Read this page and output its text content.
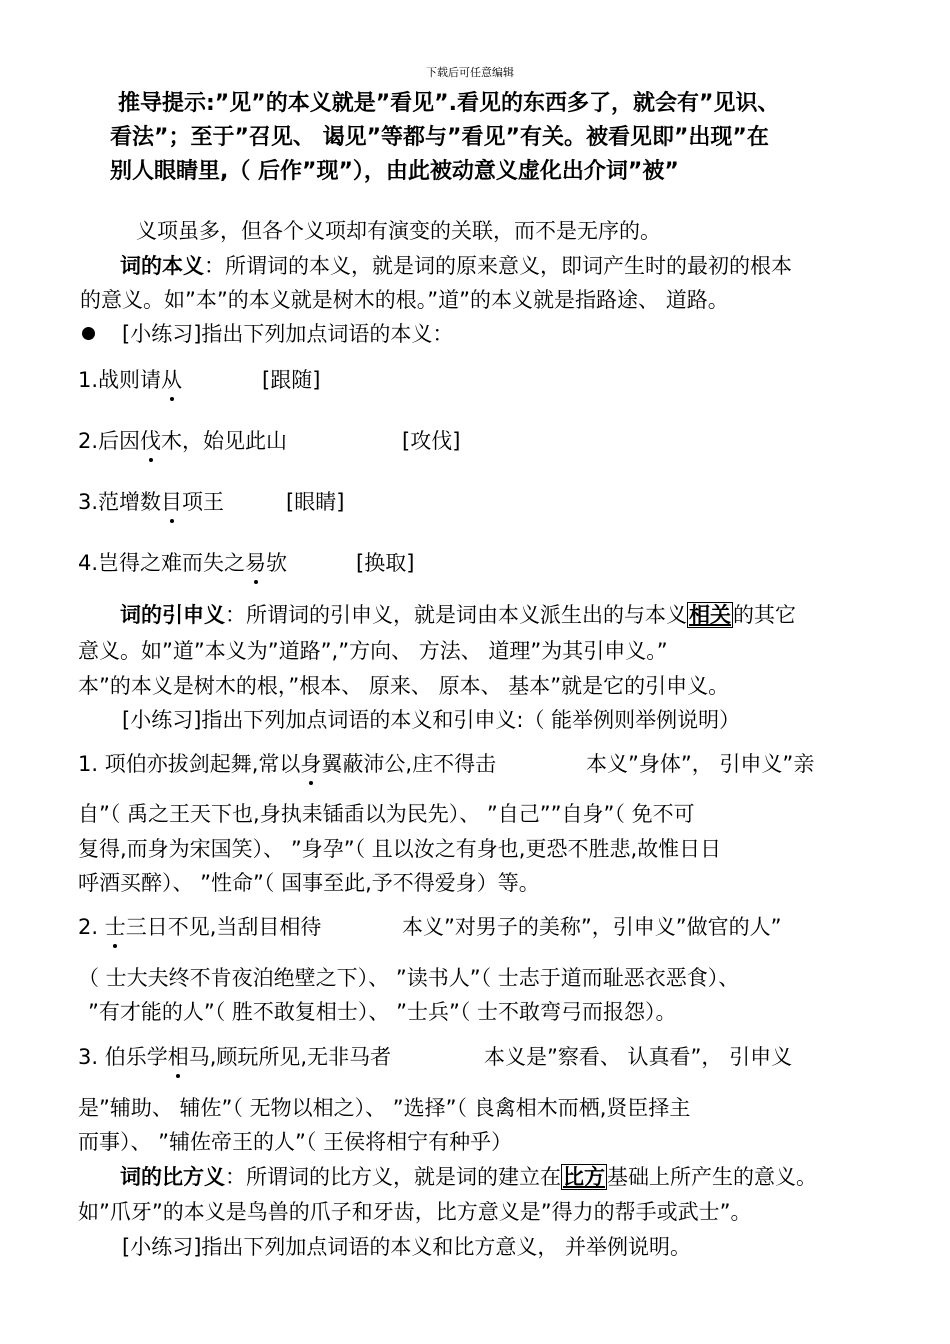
下载后可任意编辑
推导提示:”见”的本义就是”看见”.看见的东西多了，就会有”见识、
看法”；至于”召见、 谒见”等都与”看见”有关。被看见即”出现”在
别人眼睛里,（ 后作”现”），由此被动意义虚化出介词”被”
义项虽多，但各个义项却有演变的关联，而不是无序的。
词的本义：所谓词的本义，就是词的原来意义，即词产生时的最初的根本
的意义。如”本”的本义就是树木的根。”道”的本义就是指路途、 道路。
[小练习]指出下列加点词语的本义：
1.战则请从	[跟随]
2.后因伐木，始见此山	[攻伐]
3.范增数目项王	[眼睛]
4.岂得之难而失之易欤	[换取]
词的引申义：所谓词的引申义，就是词由本义派生出的与本义相关的其它
意义。如”道”本义为”道路”,”方向、 方法、 道理”为其引申义。”
本”的本义是树木的根，”根本、 原来、 原本、 基本”就是它的引申义。
[小练习]指出下列加点词语的本义和引申义:（ 能举例则举例说明）
1. 项伯亦拔剑起舞,常以身翼蔽沛公,庄不得击	本义”身体”， 引申义”亲
自”（ 禹之王天下也,身执耒锸臿以为民先）、 ”自己””自身”（ 免不可
复得,而身为宋国笑）、 ”身孕”（ 且以汝之有身也,更恐不胜悲,故惟日日
呼酒买醉）、 ”性命”（ 国事至此,予不得爱身）等。
2. 士三日不见,当刮目相待	本义”对男子的美称”，引申义”做官的人”
（ 士大夫终不肯夜泊绝壁之下）、 ”读书人”（ 士志于道而耻恶衣恶食）、
”有才能的人”（ 胜不敢复相士）、 ”士兵”（ 士不敢弯弓而报怨）。
3. 伯乐学相马,顾玩所见,无非马者	本义是”察看、 认真看”， 引申义
是”辅助、 辅佐”（ 无物以相之）、 ”选择”（ 良禽相木而栖,贤臣择主
而事）、 ”辅佐帝王的人”（ 王侯将相宁有种乎）
词的比方义：所谓词的比方义，就是词的建立在比方基础上所产生的意义。
如”爪牙”的本义是鸟兽的爪子和牙齿，比方意义是”得力的帮手或武士”。
[小练习]指出下列加点词语的本义和比方意义， 并举例说明。
